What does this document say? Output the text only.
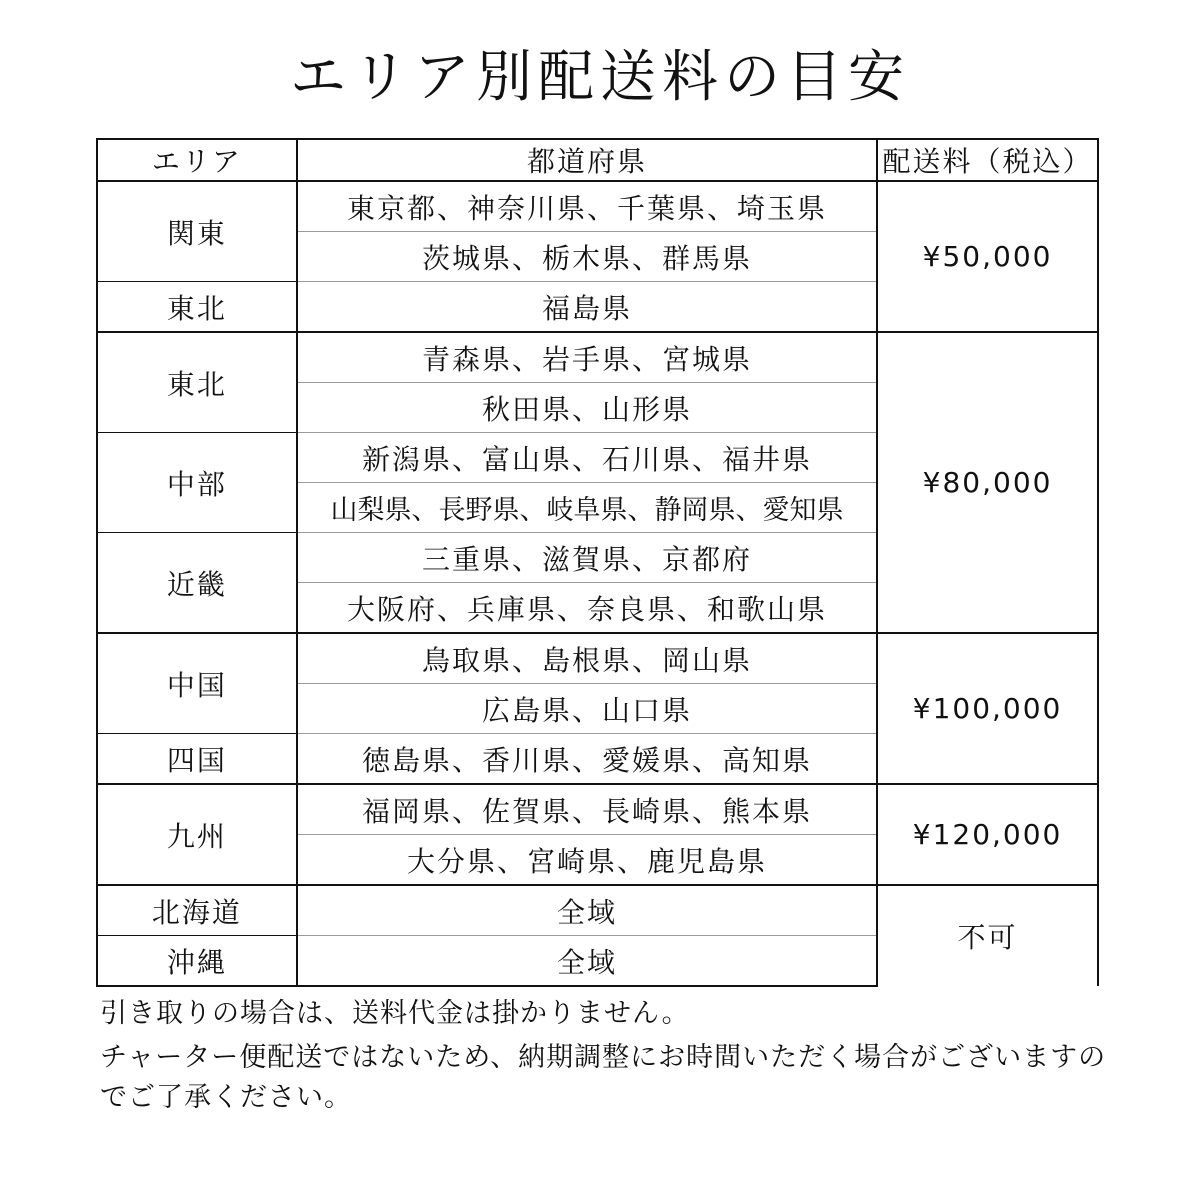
エリア別配送料の目安
エリア	都道府県	配送料（税込）
関東	東京都、神奈川県、千葉県、埼玉県	¥50,000
	茨城県、栃木県、群馬県	
東北	福島県	
東北	青森県、岩手県、宮城県	¥80,000
	秋田県、山形県	
中部	新潟県、富山県、石川県、福井県	
	山梨県、長野県、岐阜県、静岡県、愛知県	
近畿	三重県、滋賀県、京都府	
	大阪府、兵庫県、奈良県、和歌山県	
中国	鳥取県、島根県、岡山県	¥100,000
	広島県、山口県	
四国	徳島県、香川県、愛媛県、高知県	
九州	福岡県、佐賀県、長崎県、熊本県	¥120,000
	大分県、宮崎県、鹿児島県	
北海道	全域	不可
沖縄	全域	

引き取りの場合は、送料代金は掛かりません。

チャーター便配送ではないため、納期調整にお時間いただく場合がございますのでご了承ください。
